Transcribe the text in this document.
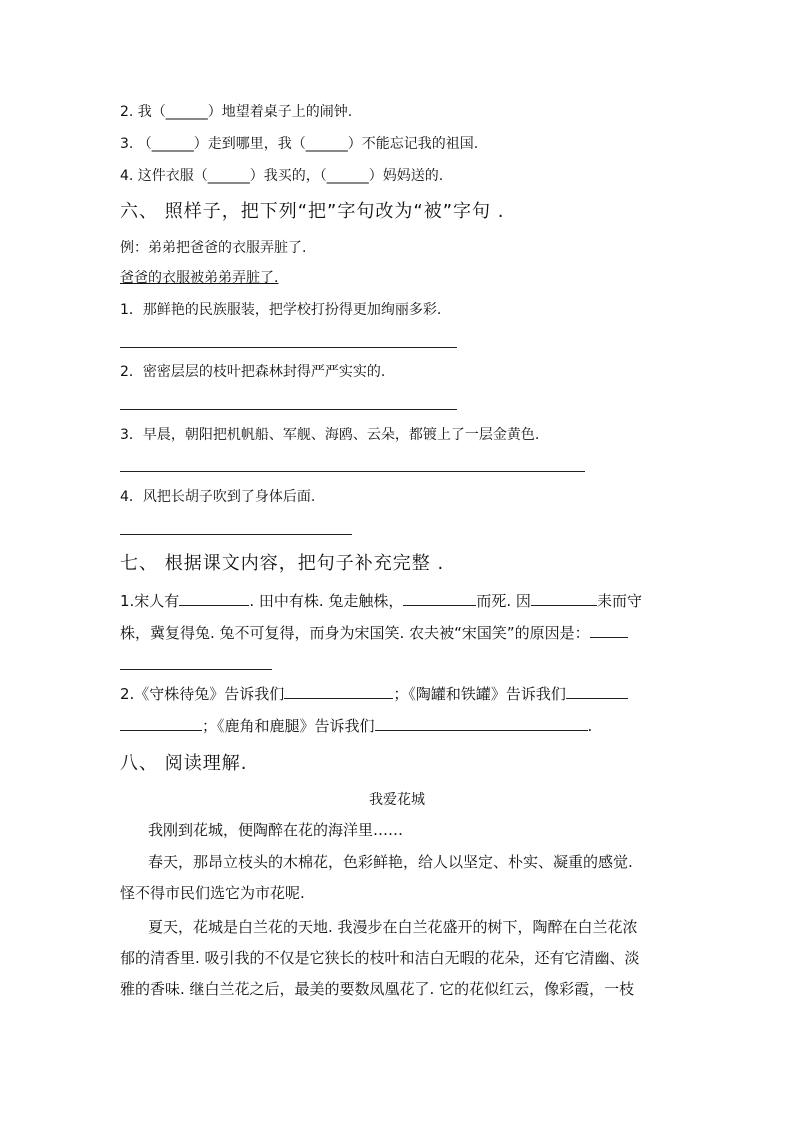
2. 我（______）地望着桌子上的闹钟.
3. （______）走到哪里，我（______）不能忘记我的祖国.
4. 这件衣服（______）我买的，（______）妈妈送的.
六、 照样子，把下列“把”字句改为“被”字句 .
例：弟弟把爸爸的衣服弄脏了.
爸爸的衣服被弟弟弄脏了.
1．那鲜艳的民族服装，把学校打扮得更加绚丽多彩.
2．密密层层的枝叶把森林封得严严实实的.
3．早晨，朝阳把机帆船、军舰、海鸥、云朵，都镀上了一层金黄色.
4．风把长胡子吹到了身体后面.
七、 根据课文内容，把句子补充完整 .
1.宋人有	. 田中有株. 兔走触株，	而死. 因	耒而守
株，冀复得兔. 兔不可复得，而身为宋国笑. 农夫被“宋国笑”的原因是：
2.《守株待兔》告诉我们	；《陶罐和铁罐》告诉我们
；《鹿角和鹿腿》告诉我们	.
八、 阅读理解.
我爱花城
我刚到花城，便陶醉在花的海洋里……
春天，那昂立枝头的木棉花，色彩鲜艳，给人以坚定、朴实、凝重的感觉.
怪不得市民们选它为市花呢.
夏天，花城是白兰花的天地. 我漫步在白兰花盛开的树下，陶醉在白兰花浓
郁的清香里. 吸引我的不仅是它狭长的枝叶和洁白无暇的花朵，还有它清幽、淡
雅的香味. 继白兰花之后，最美的要数凤凰花了. 它的花似红云，像彩霞，一枝
